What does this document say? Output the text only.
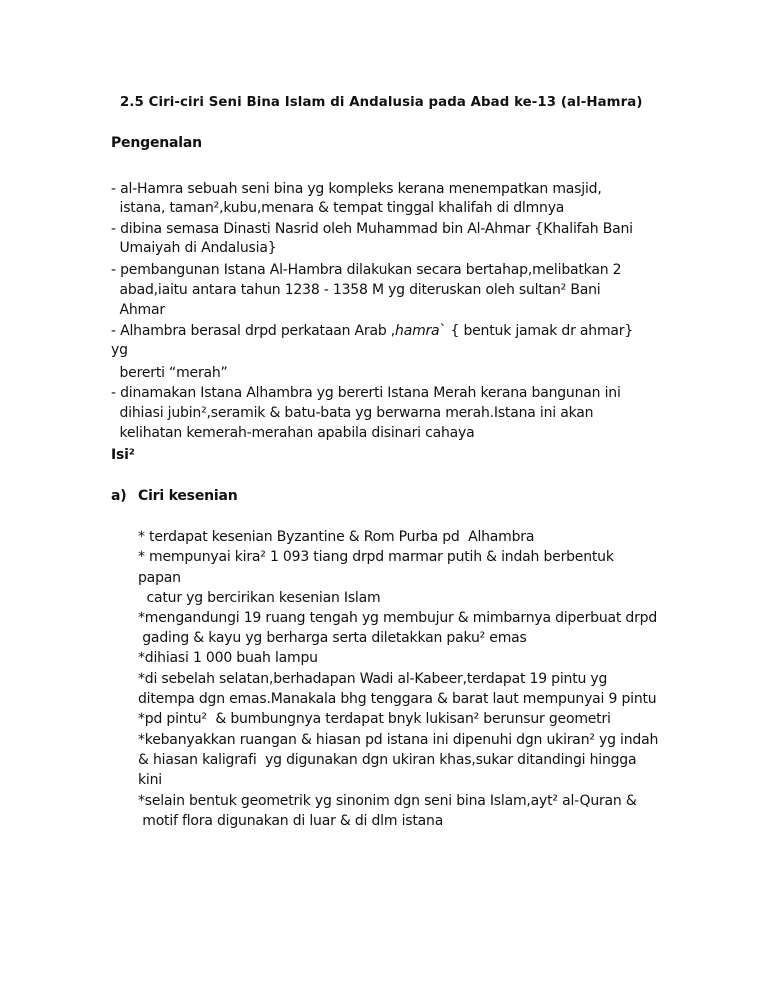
2.5 Ciri-ciri Seni Bina Islam di Andalusia pada Abad ke-13 (al-Hamra)
Pengenalan
- al-Hamra sebuah seni bina yg kompleks kerana menempatkan masjid,
istana, taman²,kubu,menara & tempat tinggal khalifah di dlmnya
- dibina semasa Dinasti Nasrid oleh Muhammad bin Al-Ahmar {Khalifah Bani
Umaiyah di Andalusia}
- pembangunan Istana Al-Hambra dilakukan secara bertahap,melibatkan 2
abad,iaitu antara tahun 1238 - 1358 M yg diteruskan oleh sultan² Bani
Ahmar
- Alhambra berasal drpd perkataan Arab ,hamra` { bentuk jamak dr ahmar}
yg
bererti “merah”
- dinamakan Istana Alhambra yg bererti Istana Merah kerana bangunan ini
dihiasi jubin²,seramik & batu-bata yg berwarna merah.Istana ini akan
kelihatan kemerah-merahan apabila disinari cahaya
Isi²
a) Ciri kesenian
* terdapat kesenian Byzantine & Rom Purba pd  Alhambra
* mempunyai kira² 1 093 tiang drpd marmar putih & indah berbentuk
papan
catur yg bercirikan kesenian Islam
*mengandungi 19 ruang tengah yg membujur & mimbarnya diperbuat drpd
gading & kayu yg berharga serta diletakkan paku² emas
*dihiasi 1 000 buah lampu
*di sebelah selatan,berhadapan Wadi al-Kabeer,terdapat 19 pintu yg
ditempa dgn emas.Manakala bhg tenggara & barat laut mempunyai 9 pintu
*pd pintu²  & bumbungnya terdapat bnyk lukisan² berunsur geometri
*kebanyakkan ruangan & hiasan pd istana ini dipenuhi dgn ukiran² yg indah
& hiasan kaligrafi  yg digunakan dgn ukiran khas,sukar ditandingi hingga
kini
*selain bentuk geometrik yg sinonim dgn seni bina Islam,ayt² al-Quran &
motif flora digunakan di luar & di dlm istana
